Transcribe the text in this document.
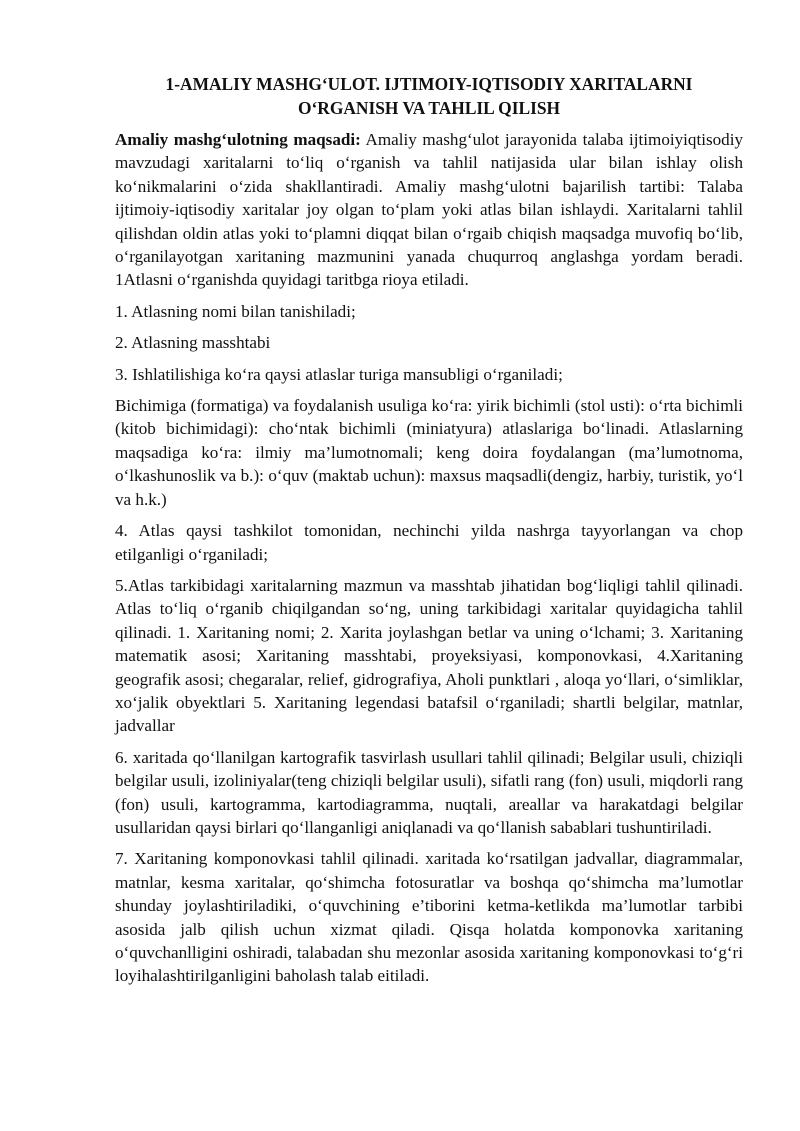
1-AMALIY MASHG‘ULOT. IJTIMOIY-IQTISODIY XARITALARNI
O‘RGANISH VA TAHLIL QILISH

Amaliy mashg‘ulotning maqsadi: Amaliy mashg‘ulot jarayonida talaba ijtimoiyiqtisodiy mavzudagi xaritalarni to‘liq o‘rganish va tahlil natijasida ular bilan ishlay olish ko‘nikmalarini o‘zida shakllantiradi. Amaliy mashg‘ulotni bajarilish tartibi: Talaba ijtimoiy-iqtisodiy xaritalar joy olgan to‘plam yoki atlas bilan ishlaydi. Xaritalarni tahlil qilishdan oldin atlas yoki to‘plamni diqqat bilan o‘rgaib chiqish maqsadga muvofiq bo‘lib, o‘rganilayotgan xaritaning mazmunini yanada chuqurroq anglashga yordam beradi. 1Atlasni o‘rganishda quyidagi taritbga rioya etiladi.

1. Atlasning nomi bilan tanishiladi;

2. Atlasning masshtabi

3. Ishlatilishiga ko‘ra qaysi atlaslar turiga mansubligi o‘rganiladi;

Bichimiga (formatiga) va foydalanish usuliga ko‘ra: yirik bichimli (stol usti): o‘rta bichimli (kitob bichimidagi): cho‘ntak bichimli (miniatyura) atlaslariga bo‘linadi. Atlaslarning maqsadiga ko‘ra: ilmiy ma’lumotnomali; keng doira foydalangan (ma’lumotnoma, o‘lkashunoslik va b.): o‘quv (maktab uchun): maxsus maqsadli(dengiz, harbiy, turistik, yo‘l va h.k.)

4. Atlas qaysi tashkilot tomonidan, nechinchi yilda nashrga tayyorlangan va chop etilganligi o‘rganiladi;

5.Atlas tarkibidagi xaritalarning mazmun va masshtab jihatidan bog‘liqligi tahlil qilinadi. Atlas to‘liq o‘rganib chiqilgandan so‘ng, uning tarkibidagi xaritalar quyidagicha tahlil qilinadi. 1. Xaritaning nomi; 2. Xarita joylashgan betlar va uning o‘lchami; 3. Xaritaning matematik asosi; Xaritaning masshtabi, proyeksiyasi, komponovkasi, 4.Xaritaning geografik asosi; chegaralar, relief, gidrografiya, Aholi punktlari , aloqa yo‘llari, o‘simliklar, xo‘jalik obyektlari 5. Xaritaning legendasi batafsil o‘rganiladi; shartli belgilar, matnlar, jadvallar

6. xaritada qo‘llanilgan kartografik tasvirlash usullari tahlil qilinadi; Belgilar usuli, chiziqli belgilar usuli, izoliniyalar(teng chiziqli belgilar usuli), sifatli rang (fon) usuli, miqdorli rang (fon) usuli, kartogramma, kartodiagramma, nuqtali, areallar va harakatdagi belgilar usullaridan qaysi birlari qo‘llanganligi aniqlanadi va qo‘llanish sabablari tushuntiriladi.

7. Xaritaning komponovkasi tahlil qilinadi. xaritada ko‘rsatilgan jadvallar, diagrammalar, matnlar, kesma xaritalar, qo‘shimcha fotosuratlar va boshqa qo‘shimcha ma’lumotlar shunday joylashtiriladiki, o‘quvchining e’tiborini ketma-ketlikda ma’lumotlar tarbibi asosida jalb qilish uchun xizmat qiladi. Qisqa holatda komponovka xaritaning o‘quvchanlligini oshiradi, talabadan shu mezonlar asosida xaritaning komponovkasi to‘g‘ri loyihalashtirilganligini baholash talab eitiladi.
